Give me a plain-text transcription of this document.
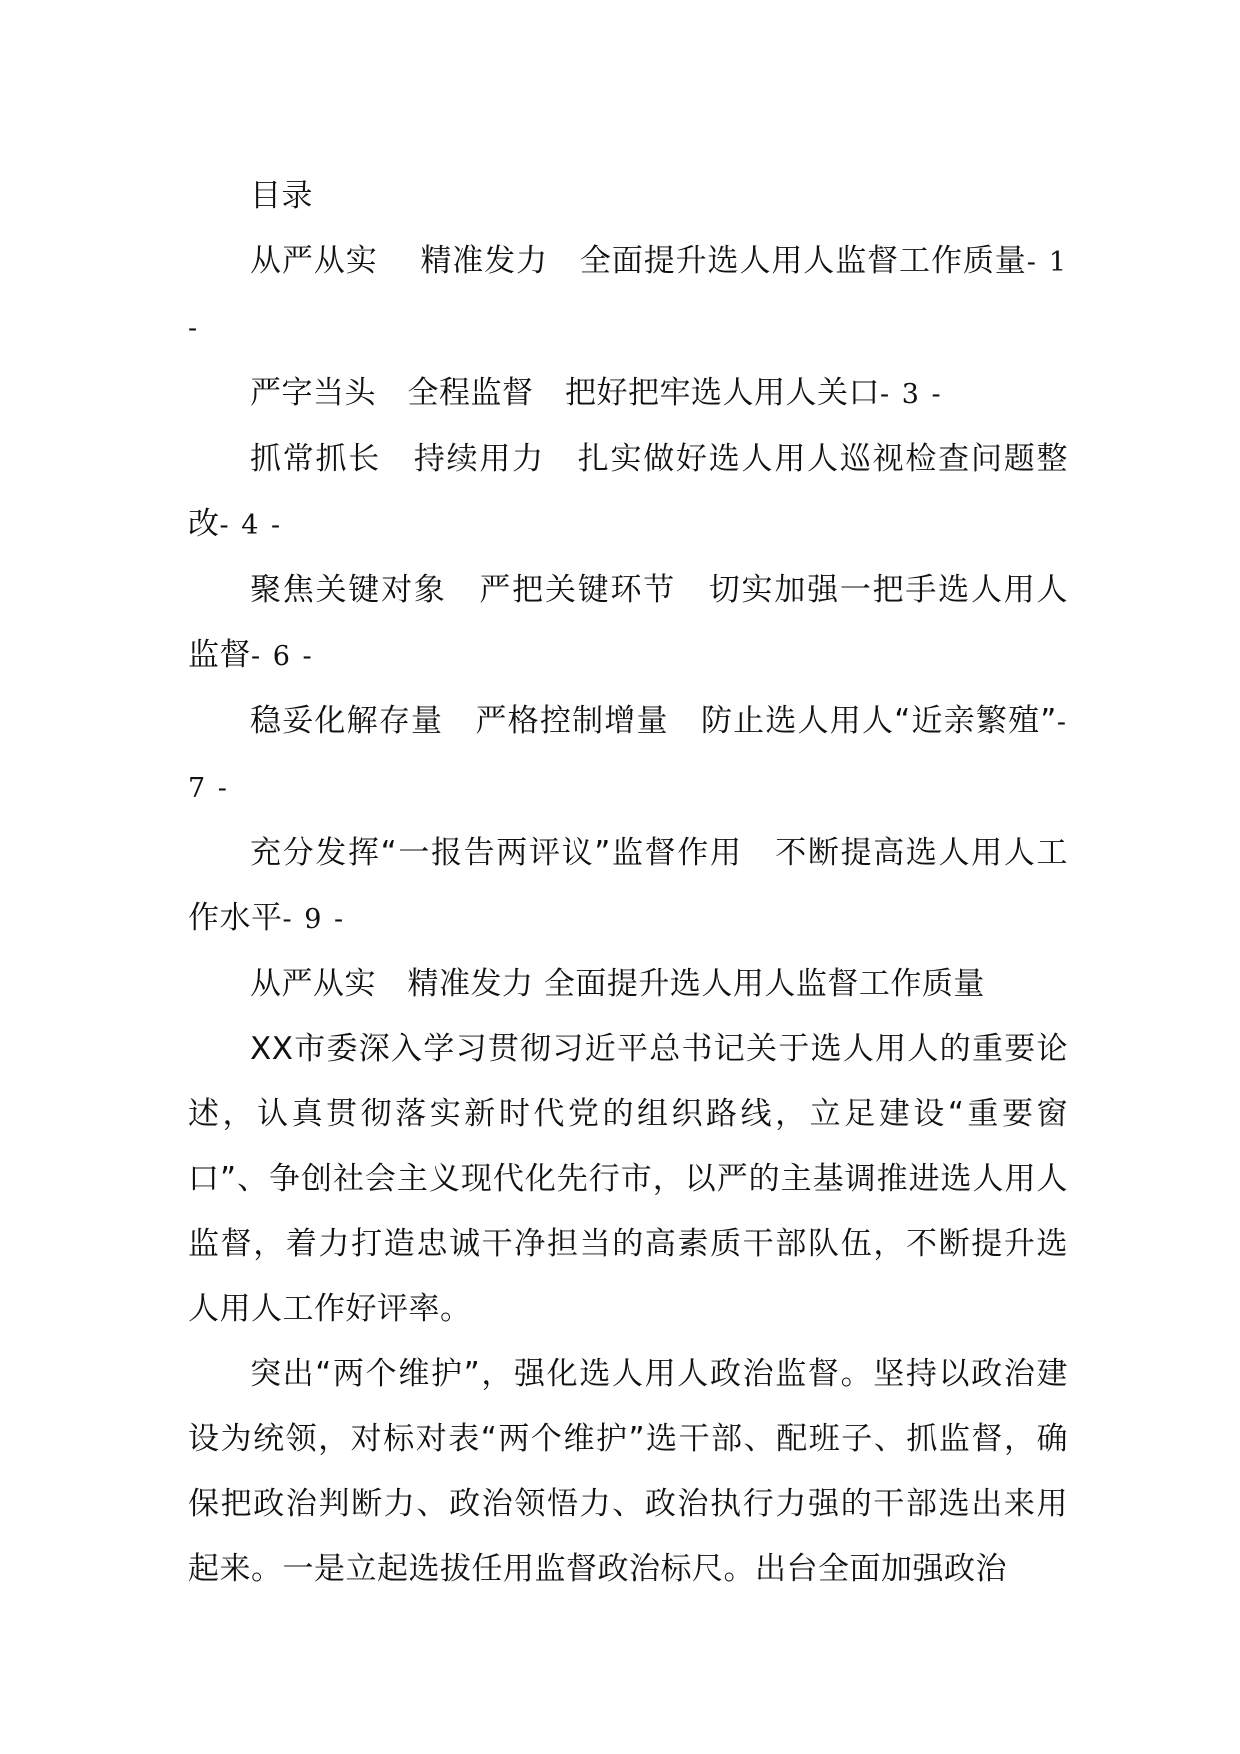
目录

从严从实　 精准发力　全面提升选人用人监督工作质量- 1 -

严字当头　全程监督　把好把牢选人用人关口- 3 -

抓常抓长　持续用力　扎实做好选人用人巡视检查问题整改- 4 -

聚焦关键对象　严把关键环节　切实加强一把手选人用人监督- 6 -

稳妥化解存量　严格控制增量　防止选人用人“近亲繁殖”- 7 -

充分发挥“一报告两评议”监督作用　不断提高选人用人工作水平- 9 -

从严从实　精准发力 全面提升选人用人监督工作质量

XX市委深入学习贯彻习近平总书记关于选人用人的重要论述，认真贯彻落实新时代党的组织路线，立足建设“重要窗口”、争创社会主义现代化先行市，以严的主基调推进选人用人监督，着力打造忠诚干净担当的高素质干部队伍，不断提升选人用人工作好评率。

突出“两个维护”，强化选人用人政治监督。坚持以政治建设为统领，对标对表“两个维护”选干部、配班子、抓监督，确保把政治判断力、政治领悟力、政治执行力强的干部选出来用起来。一是立起选拔任用监督政治标尺。出台全面加强政治
